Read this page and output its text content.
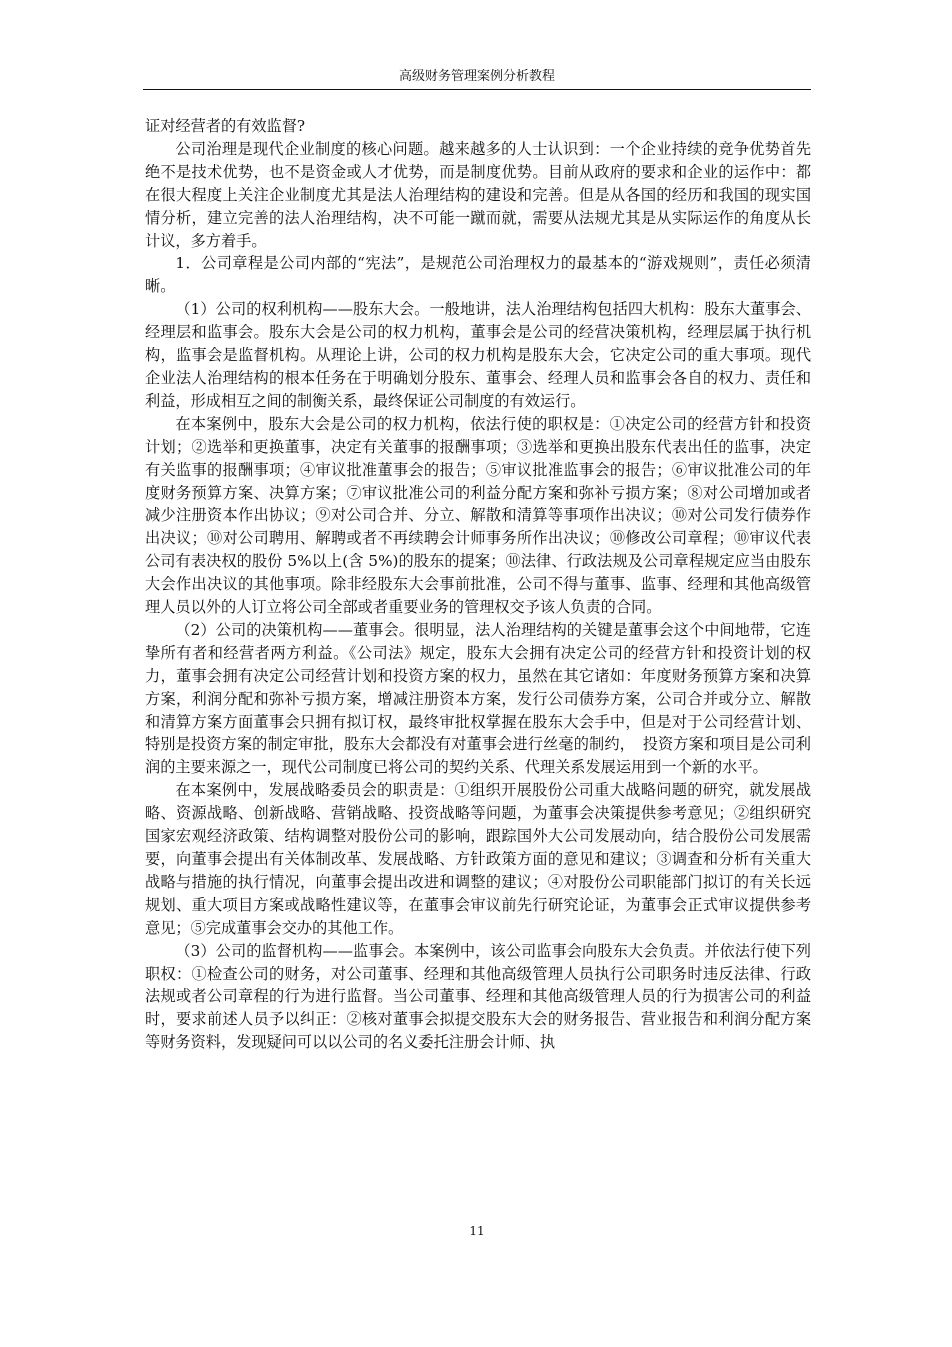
高级财务管理案例分析教程

证对经营者的有效监督?

公司治理是现代企业制度的核心问题。越来越多的人士认识到：一个企业持续的竞争优势首先绝不是技术优势，也不是资金或人才优势，而是制度优势。目前从政府的要求和企业的运作中：都在很大程度上关注企业制度尤其是法人治理结构的建设和完善。但是从各国的经历和我国的现实国情分析，建立完善的法人治理结构，决不可能一蹴而就，需要从法规尤其是从实际运作的角度从长计议，多方着手。

1．公司章程是公司内部的“宪法”，是规范公司治理权力的最基本的“游戏规则”，责任必须清晰。

（1）公司的权利机构——股东大会。一般地讲，法人治理结构包括四大机构：股东大董事会、经理层和监事会。股东大会是公司的权力机构，董事会是公司的经营决策机构，经理层属于执行机构，监事会是监督机构。从理论上讲，公司的权力机构是股东大会，它决定公司的重大事项。现代企业法人治理结构的根本任务在于明确划分股东、董事会、经理人员和监事会各自的权力、责任和利益，形成相互之间的制衡关系，最终保证公司制度的有效运行。

在本案例中，股东大会是公司的权力机构，依法行使的职权是：①决定公司的经营方针和投资计划；②选举和更换董事，决定有关董事的报酬事项；③选举和更换出股东代表出任的监事，决定有关监事的报酬事项；④审议批准董事会的报告；⑤审议批准监事会的报告；⑥审议批准公司的年度财务预算方案、决算方案；⑦审议批准公司的利益分配方案和弥补亏损方案；⑧对公司增加或者减少注册资本作出协议；⑨对公司合并、分立、解散和清算等事项作出决议；⑩对公司发行债券作出决议；⑩对公司聘用、解聘或者不再续聘会计师事务所作出决议；⑩修改公司章程；⑩审议代表公司有表决权的股份 5%以上(含 5%)的股东的提案；⑩法律、行政法规及公司章程规定应当由股东大会作出决议的其他事项。除非经股东大会事前批准，公司不得与董事、监事、经理和其他高级管理人员以外的人订立将公司全部或者重要业务的管理权交予该人负责的合同。

（2）公司的决策机构——董事会。很明显，法人治理结构的关键是董事会这个中间地带，它连挚所有者和经营者两方利益。《公司法》规定，股东大会拥有决定公司的经营方针和投资计划的权力，董事会拥有决定公司经营计划和投资方案的权力，虽然在其它诸如：年度财务预算方案和决算方案，利润分配和弥补亏损方案，增减注册资本方案，发行公司债券方案，公司合并或分立、解散和清算方案方面董事会只拥有拟订权，最终审批权掌握在股东大会手中，但是对于公司经营计划、特别是投资方案的制定审批，股东大会都没有对董事会进行丝毫的制约，　投资方案和项目是公司利润的主要来源之一，现代公司制度已将公司的契约关系、代理关系发展运用到一个新的水平。

在本案例中，发展战略委员会的职责是：①组织开展股份公司重大战略问题的研究，就发展战略、资源战略、创新战略、营销战略、投资战略等问题，为董事会决策提供参考意见；②组织研究国家宏观经济政策、结构调整对股份公司的影响，跟踪国外大公司发展动向，结合股份公司发展需要，向董事会提出有关体制改革、发展战略、方针政策方面的意见和建议；③调查和分析有关重大战略与措施的执行情况，向董事会提出改进和调整的建议；④对股份公司职能部门拟订的有关长远规划、重大项目方案或战略性建议等，在董事会审议前先行研究论证，为董事会正式审议提供参考意见；⑤完成董事会交办的其他工作。

（3）公司的监督机构——监事会。本案例中，该公司监事会向股东大会负责。并依法行使下列职权：①检查公司的财务，对公司董事、经理和其他高级管理人员执行公司职务时违反法律、行政法规或者公司章程的行为进行监督。当公司董事、经理和其他高级管理人员的行为损害公司的利益时，要求前述人员予以纠正：②核对董事会拟提交股东大会的财务报告、营业报告和利润分配方案等财务资料，发现疑问可以以公司的名义委托注册会计师、执

11
